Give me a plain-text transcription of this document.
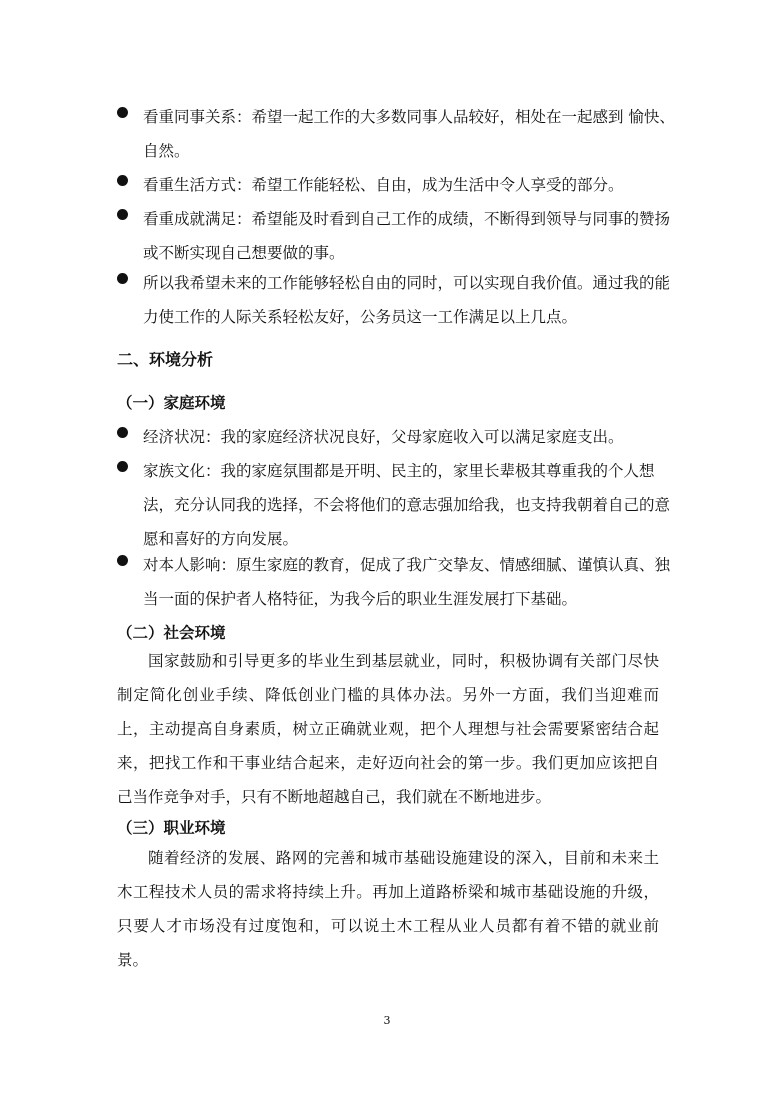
看重同事关系：希望一起工作的大多数同事人品较好，相处在一起感到 愉快、自然。
看重生活方式：希望工作能轻松、自由，成为生活中令人享受的部分。
看重成就满足：希望能及时看到自己工作的成绩，不断得到领导与同事的赞扬或不断实现自己想要做的事。
所以我希望未来的工作能够轻松自由的同时，可以实现自我价值。通过我的能力使工作的人际关系轻松友好，公务员这一工作满足以上几点。
二、环境分析
（一）家庭环境
经济状况：我的家庭经济状况良好，父母家庭收入可以满足家庭支出。
家族文化：我的家庭氛围都是开明、民主的，家里长辈极其尊重我的个人想法，充分认同我的选择，不会将他们的意志强加给我，也支持我朝着自己的意愿和喜好的方向发展。
对本人影响：原生家庭的教育，促成了我广交挚友、情感细腻、谨慎认真、独当一面的保护者人格特征，为我今后的职业生涯发展打下基础。
（二）社会环境
国家鼓励和引导更多的毕业生到基层就业，同时，积极协调有关部门尽快制定简化创业手续、降低创业门槛的具体办法。另外一方面，我们当迎难而上，主动提高自身素质，树立正确就业观，把个人理想与社会需要紧密结合起来，把找工作和干事业结合起来，走好迈向社会的第一步。我们更加应该把自己当作竞争对手，只有不断地超越自己，我们就在不断地进步。
（三）职业环境
随着经济的发展、路网的完善和城市基础设施建设的深入，目前和未来土木工程技术人员的需求将持续上升。再加上道路桥梁和城市基础设施的升级，只要人才市场没有过度饱和，可以说土木工程从业人员都有着不错的就业前景。
3
